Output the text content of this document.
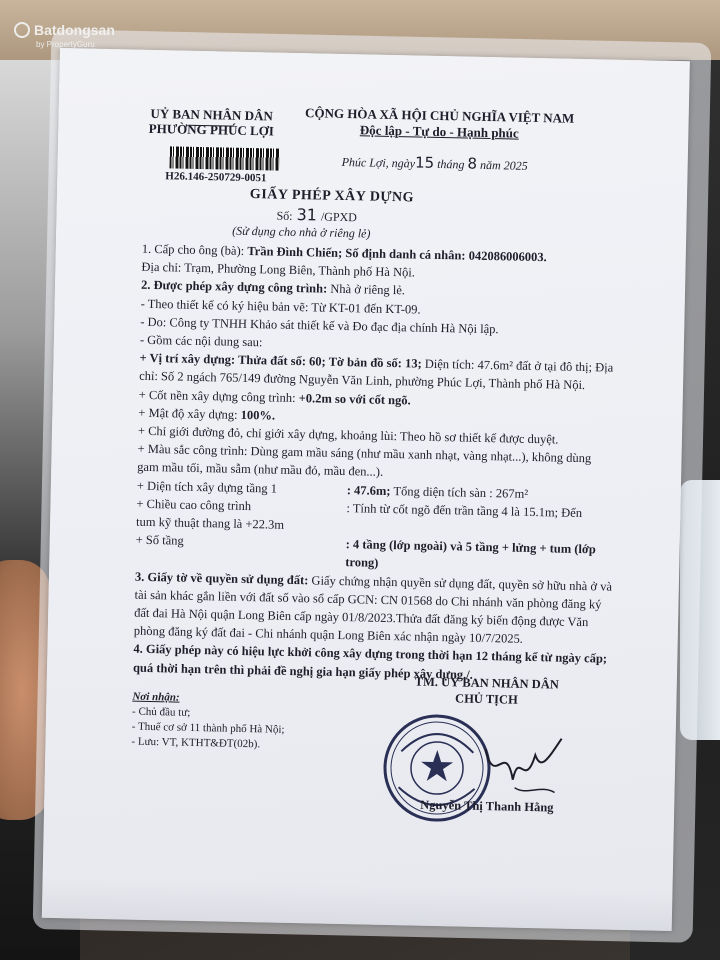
Batdongsan
by PropertyGuru
UỶ BAN NHÂN DÂN
PHƯỜNG PHÚC LỢI
H26.146-250729-0051
CỘNG HÒA XÃ HỘI CHỦ NGHĨA VIỆT NAM
Độc lập - Tự do - Hạnh phúc
Phúc Lợi, ngày15 tháng 8 năm 2025
GIẤY PHÉP XÂY DỰNG
Số: 31 /GPXD
(Sử dụng cho nhà ở riêng lẻ)

1. Cấp cho ông (bà): Trần Đình Chiến; Số định danh cá nhân: 042086006003.

Địa chỉ: Trạm, Phường Long Biên, Thành phố Hà Nội.

2. Được phép xây dựng công trình: Nhà ở riêng lẻ.

- Theo thiết kế có ký hiệu bản vẽ: Từ KT-01 đến KT-09.

- Do: Công ty TNHH Khảo sát thiết kế và Đo đạc địa chính Hà Nội lập.

- Gồm các nội dung sau:

+ Vị trí xây dựng: Thửa đất số: 60; Tờ bản đồ số: 13; Diện tích: 47.6m² đất ở tại đô thị; Địa chỉ: Số 2 ngách 765/149 đường Nguyễn Văn Linh, phường Phúc Lợi, Thành phố Hà Nội.

+ Cốt nền xây dựng công trình: +0.2m so với cốt ngõ.

+ Mật độ xây dựng: 100%.

+ Chỉ giới đường đỏ, chỉ giới xây dựng, khoảng lùi: Theo hồ sơ thiết kế được duyệt.

+ Màu sắc công trình: Dùng gam mầu sáng (như mầu xanh nhạt, vàng nhạt...), không dùng gam mầu tối, mầu sẫm (như mầu đỏ, mầu đen...).

+ Diện tích xây dựng tầng 1	: 47.6m; Tổng diện tích sàn : 267m²
+ Chiều cao công trình	: Tính từ cốt ngõ đến trần tầng 4 là 15.1m; Đến

tum kỹ thuật thang là +22.3m

+ Số tầng	: 4 tầng (lớp ngoài) và 5 tầng + lửng + tum (lớp trong)

3. Giấy tờ về quyền sử dụng đất: Giấy chứng nhận quyền sử dụng đất, quyền sở hữu nhà ở và tài sản khác gắn liền với đất số vào sổ cấp GCN: CN 01568 do Chi nhánh văn phòng đăng ký đất đai Hà Nội quận Long Biên cấp ngày 01/8/2023.Thửa đất đăng ký biến động được Văn phòng đăng ký đất đai - Chi nhánh quận Long Biên xác nhận ngày 10/7/2025.

4. Giấy phép này có hiệu lực khởi công xây dựng trong thời hạn 12 tháng kể từ ngày cấp; quá thời hạn trên thì phải đề nghị gia hạn giấy phép xây dựng./.

Nơi nhận:
- Chủ đầu tư;
- Thuế cơ sở 11 thành phố Hà Nội;
- Lưu: VT, KTHT&ĐT(02b).
TM. UỶ BAN NHÂN DÂN
CHỦ TỊCH
Nguyễn Thị Thanh Hằng
